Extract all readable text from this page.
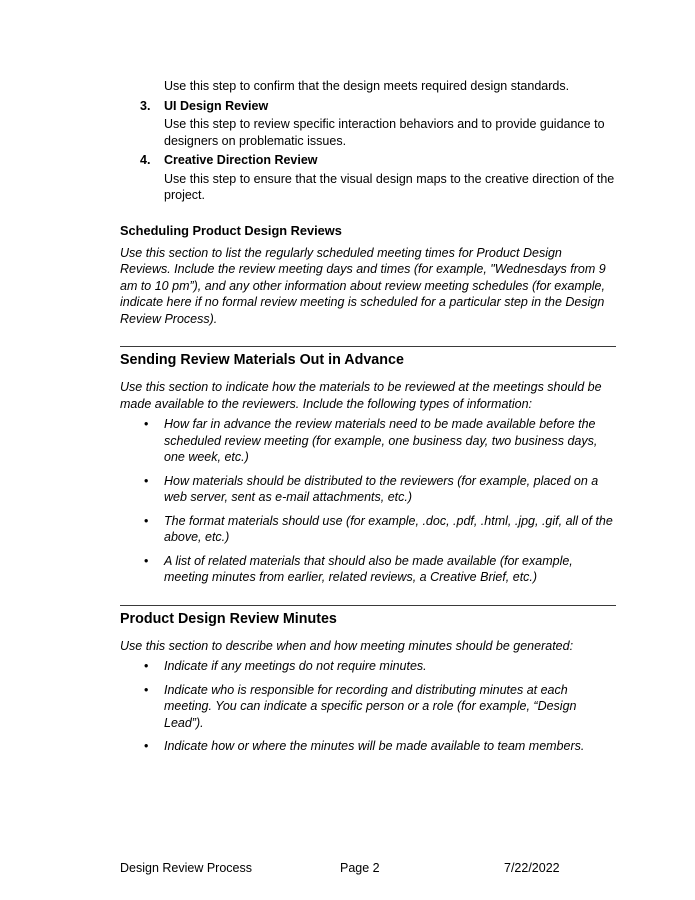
Use this step to confirm that the design meets required design standards.
3.	UI Design Review
Use this step to review specific interaction behaviors and to provide guidance to designers on problematic issues.
4.	Creative Direction Review
Use this step to ensure that the visual design maps to the creative direction of the project.
Scheduling Product Design Reviews
Use this section to list the regularly scheduled meeting times for Product Design Reviews. Include the review meeting days and times (for example, "Wednesdays from 9 am to 10 pm”), and any other information about review meeting schedules (for example, indicate here if no formal review meeting is scheduled for a particular step in the Design Review Process).
Sending Review Materials Out in Advance
Use this section to indicate how the materials to be reviewed at the meetings should be made available to the reviewers. Include the following types of information:
• How far in advance the review materials need to be made available before the scheduled review meeting (for example, one business day, two business days, one week, etc.)
• How materials should be distributed to the reviewers (for example, placed on a web server, sent as e-mail attachments, etc.)
• The format materials should use (for example, .doc, .pdf, .html, .jpg, .gif, all of the above, etc.)
• A list of related materials that should also be made available (for example, meeting minutes from earlier, related reviews, a Creative Brief, etc.)
Product Design Review Minutes
Use this section to describe when and how meeting minutes should be generated:
• Indicate if any meetings do not require minutes.
• Indicate who is responsible for recording and distributing minutes at each meeting. You can indicate a specific person or a role (for example, “Design Lead”).
• Indicate how or where the minutes will be made available to team members.
Design Review Process	Page 2	7/22/2022
